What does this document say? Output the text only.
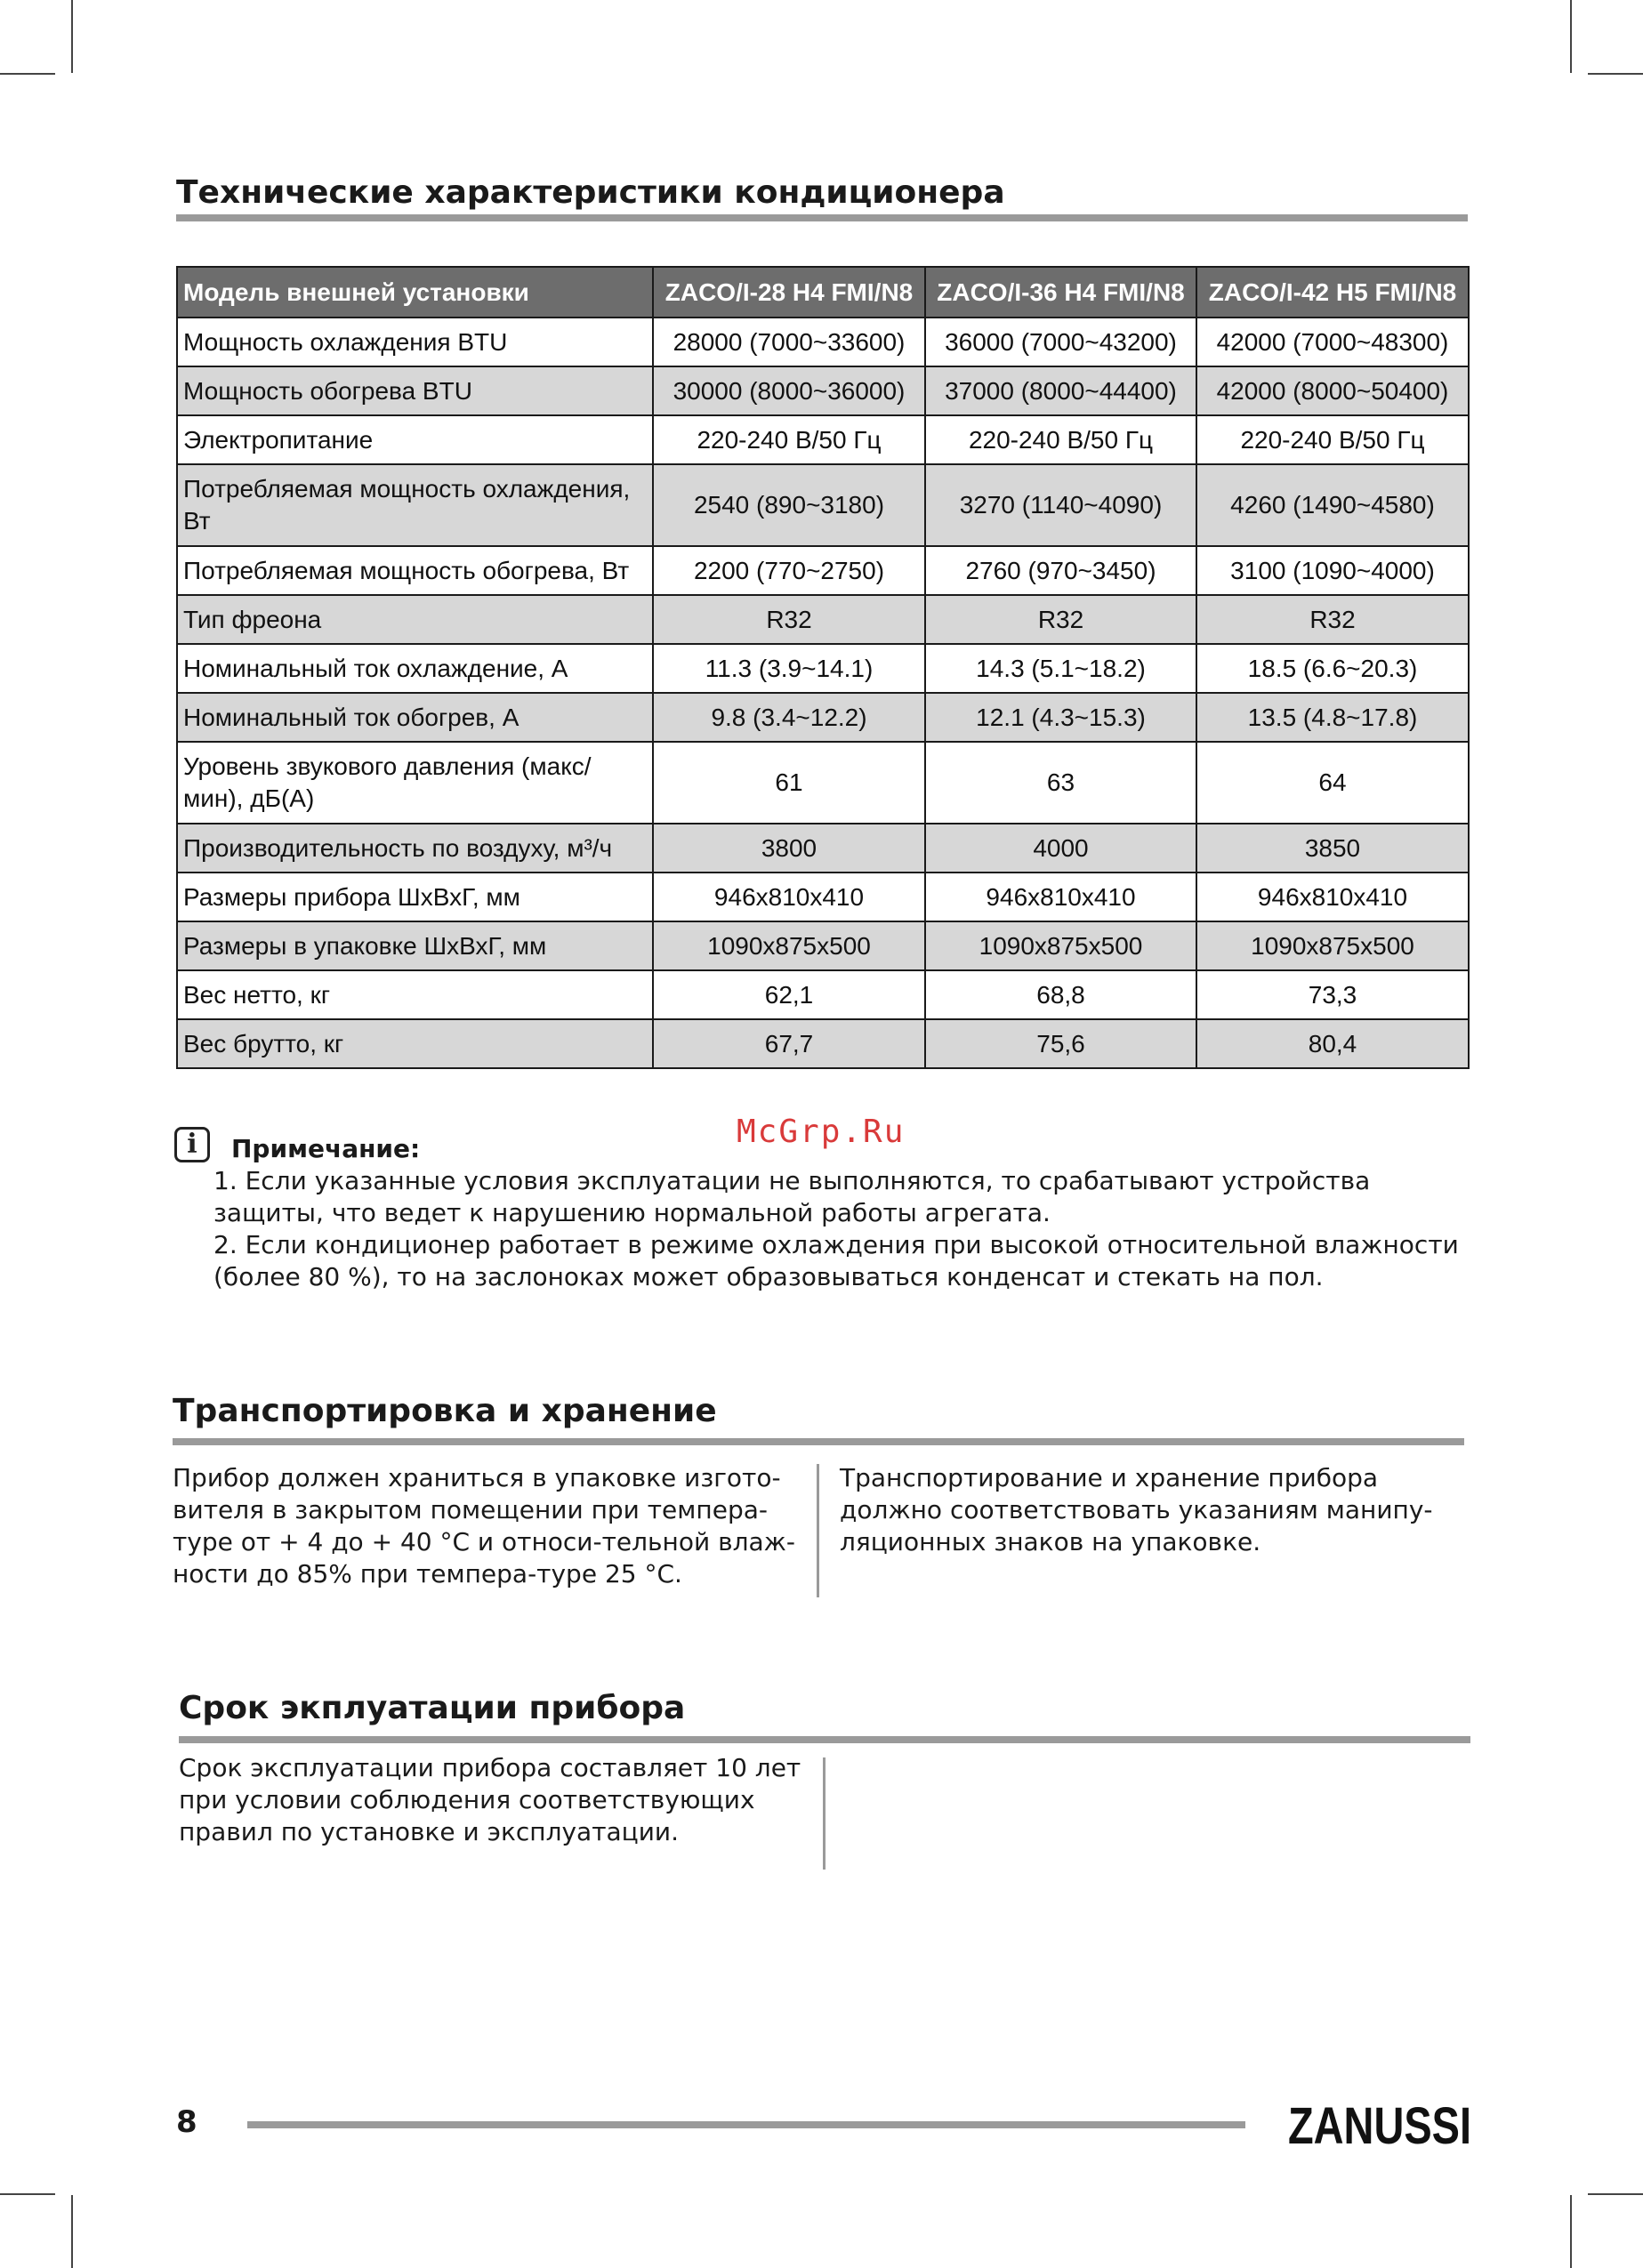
Технические характеристики кондиционера
Модель внешней установки	ZACO/I-28 H4 FMI/N8	ZACO/I-36 H4 FMI/N8	ZACO/I-42 H5 FMI/N8
Мощность охлаждения BTU	28000 (7000~33600)	36000 (7000~43200)	42000 (7000~48300)
Мощность обогрева BTU	30000 (8000~36000)	37000 (8000~44400)	42000 (8000~50400)
Электропитание	220-240 В/50 Гц	220-240 В/50 Гц	220-240 В/50 Гц
Потребляемая мощность охлаждения, Вт	2540 (890~3180)	3270 (1140~4090)	4260 (1490~4580)
Потребляемая мощность обогрева, Вт	2200 (770~2750)	2760 (970~3450)	3100 (1090~4000)
Тип фреона	R32	R32	R32
Номинальный ток охлаждение, А	11.3 (3.9~14.1)	14.3 (5.1~18.2)	18.5 (6.6~20.3)
Номинальный ток обогрев, А	9.8 (3.4~12.2)	12.1 (4.3~15.3)	13.5 (4.8~17.8)
Уровень звукового давления (макс/мин), дБ(А)	61	63	64
Производительность по воздуху, м³/ч	3800	4000	3850
Размеры прибора ШхВхГ, мм	946x810x410	946x810x410	946x810x410
Размеры в упаковке ШхВхГ, мм	1090x875x500	1090x875x500	1090x875x500
Вес нетто, кг	62,1	68,8	73,3
Вес брутто, кг	67,7	75,6	80,4
i	Примечание:	McGrp.Ru

1. Если указанные условия эксплуатации не выполняются, то срабатывают устройства защиты, что ведет к нарушению нормальной работы агрегата.

2. Если кондиционер работает в режиме охлаждения при высокой относительной влажности (более 80 %), то на заслоноках может образовываться конденсат и стекать на пол.

Транспортировка и хранение

Прибор должен храниться в упаковке изгото-

вителя в закрытом помещении при темпера-

туре от + 4 до + 40 °С и относи-тельной влаж-

ности до 85% при темпера-туре 25 °С.

Транспортирование и хранение прибора

должно соответствовать указаниям манипу-

ляционных знаков на упаковке.

Срок экплуатации прибора

Срок эксплуатации прибора составляет 10 лет

при условии соблюдения соответствующих

правил по установке и эксплуатации.

8	ZANUSSI
